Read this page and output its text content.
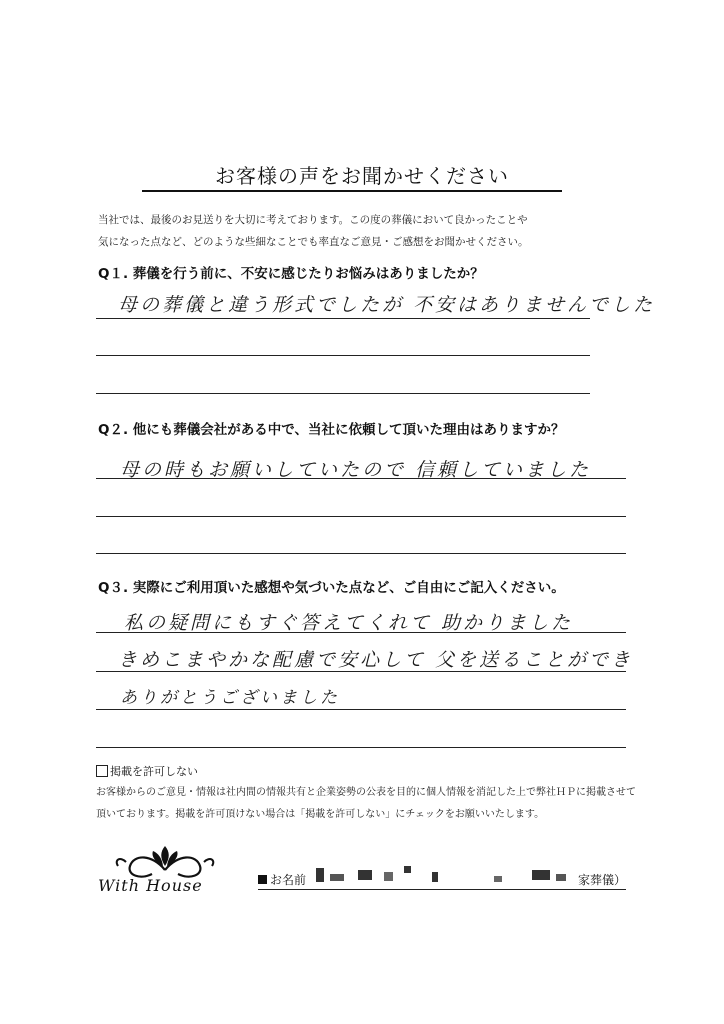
お客様の声をお聞かせください
当社では、最後のお見送りを大切に考えております。この度の葬儀において良かったことや
気になった点など、どのような些細なことでも率直なご意見・ご感想をお聞かせください。
Q１. 葬儀を行う前に、不安に感じたりお悩みはありましたか？
母の葬儀と違う形式でしたが 不安はありませんでした
Q２. 他にも葬儀会社がある中で、当社に依頼して頂いた理由はありますか？
母の時もお願いしていたので 信頼していました
Q３. 実際にご利用頂いた感想や気づいた点など、ご自由にご記入ください。
私の疑問にもすぐ答えてくれて 助かりました
きめこまやかな配慮で安心して 父を送ることができ
ありがとうございました
掲載を許可しない
お客様からのご意見・情報は社内間の情報共有と企業姿勢の公表を目的に個人情報を消記した上で弊社ＨＰに掲載させて
頂いております。掲載を許可頂けない場合は「掲載を許可しない」にチェックをお願いいたします。
With House	お名前	家葬儀）
